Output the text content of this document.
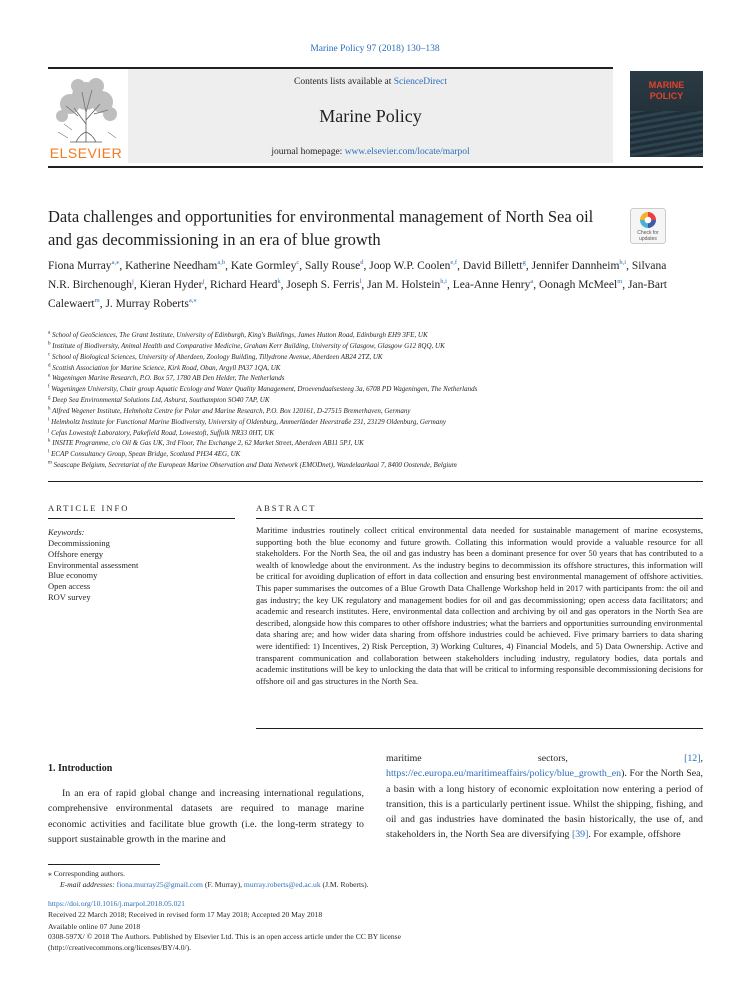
Marine Policy 97 (2018) 130–138
Contents lists available at ScienceDirect
Marine Policy
journal homepage: www.elsevier.com/locate/marpol
ELSEVIER
MARINE
POLICY
Data challenges and opportunities for environmental management of North Sea oil and gas decommissioning in an era of blue growth	Check for
updates
Fiona Murray$^{a,⁎}$, Katherine Needham$^{a,b}$, Kate Gormley$^c$, Sally Rouse$^d$, Joop W.P. Coolen$^{e,f}$, David Billett$^g$, Jennifer Dannheim$^{h,i}$, Silvana N.R. Birchenough$^j$, Kieran Hyder$^j$, Richard Heard$^k$, Joseph S. Ferris$^l$, Jan M. Holstein$^{h,i}$, Lea-Anne Henry$^a$, Oonagh McMeel$^m$, Jan-Bart Calewaert$^m$, J. Murray Roberts$^{a,⁎}$
$^a$ School of GeoSciences, The Grant Institute, University of Edinburgh, King's Buildings, James Hutton Road, Edinburgh EH9 3FE, UK
$^b$ Institute of Biodiversity, Animal Health and Comparative Medicine, Graham Kerr Building, University of Glasgow, Glasgow G12 8QQ, UK
$^c$ School of Biological Sciences, University of Aberdeen, Zoology Building, Tillydrone Avenue, Aberdeen AB24 2TZ, UK
$^d$ Scottish Association for Marine Science, Kirk Road, Oban, Argyll PA37 1QA, UK
$^e$ Wageningen Marine Research, P.O. Box 57, 1780 AB Den Helder, The Netherlands
$^f$ Wageningen University, Chair group Aquatic Ecology and Water Quality Management, Droevendaalsesteeg 3a, 6708 PD Wageningen, The Netherlands
$^g$ Deep Sea Environmental Solutions Ltd, Ashurst, Southampton SO40 7AP, UK
$^h$ Alfred Wegener Institute, Helmholtz Centre for Polar and Marine Research, P.O. Box 120161, D-27515 Bremerhaven, Germany
$^i$ Helmholtz Institute for Functional Marine Biodiversity, University of Oldenburg, Ammerländer Heerstraße 231, 23129 Oldenburg, Germany
$^j$ Cefas Lowestoft Laboratory, Pakefield Road, Lowestoft, Suffolk NR33 0HT, UK
$^k$ INSITE Programme, c/o Oil & Gas UK, 3rd Floor, The Exchange 2, 62 Market Street, Aberdeen AB11 5PJ, UK
$^l$ ECAP Consultancy Group, Spean Bridge, Scotland PH34 4EG, UK
$^m$ Seascape Belgium, Secretariat of the European Marine Observation and Data Network (EMODnet), Wandelaarkaai 7, 8400 Oostende, Belgium
ARTICLE INFO
Keywords:
Decommissioning
Offshore energy
Environmental assessment
Blue economy
Open access
ROV survey
ABSTRACT
Maritime industries routinely collect critical environmental data needed for sustainable management of marine ecosystems, supporting both the blue economy and future growth. Collating this information would provide a valuable resource for all stakeholders. For the North Sea, the oil and gas industry has been a dominant presence for over 50 years that has contributed to a wealth of knowledge about the environment. As the industry begins to decommission its offshore structures, this information will be critical for avoiding duplication of effort in data collection and ensuring best environmental management of offshore activities. This paper summarises the outcomes of a Blue Growth Data Challenge Workshop held in 2017 with participants from: the oil and gas industry; the key UK regulatory and management bodies for oil and gas decommissioning; open access data facilitators; and academic and research institutes. Here, environmental data collection and archiving by oil and gas operators in the North Sea are described, alongside how this compares to other offshore industries; what the barriers and opportunities surrounding environmental data sharing are; and how wider data sharing from offshore industries could be achieved. Five primary barriers to data sharing were identified: 1) Incentives, 2) Risk Perception, 3) Working Cultures, 4) Financial Models, and 5) Data Ownership. Active and transparent communication and collaboration between stakeholders including industry, regulatory bodies, data portals and academic institutions will be key to unlocking the data that will be critical to informing responsible decommissioning decisions for offshore oil and gas structures in the North Sea.
1. Introduction
In an era of rapid global change and increasing international regulations, comprehensive environmental datasets are required to manage marine economic activities and facilitate blue growth (i.e. the long-term strategy to support sustainable growth in the marine and
maritime sectors, [12], https://ec.europa.eu/maritimeaffairs/policy/blue_growth_en). For the North Sea, a basin with a long history of economic exploitation now entering a period of transition, this is a particularly pertinent issue. Whilst the shipping, fishing, and oil and gas industries have dominated the basin historically, the use of, and stakeholders in, the North Sea are diversifying [39]. For example, offshore
⁎ Corresponding authors.
E-mail addresses: fiona.murray25@gmail.com (F. Murray), murray.roberts@ed.ac.uk (J.M. Roberts).
https://doi.org/10.1016/j.marpol.2018.05.021
Received 22 March 2018; Received in revised form 17 May 2018; Accepted 20 May 2018
Available online 07 June 2018
0308-597X/ © 2018 The Authors. Published by Elsevier Ltd. This is an open access article under the CC BY license
(http://creativecommons.org/licenses/BY/4.0/).
